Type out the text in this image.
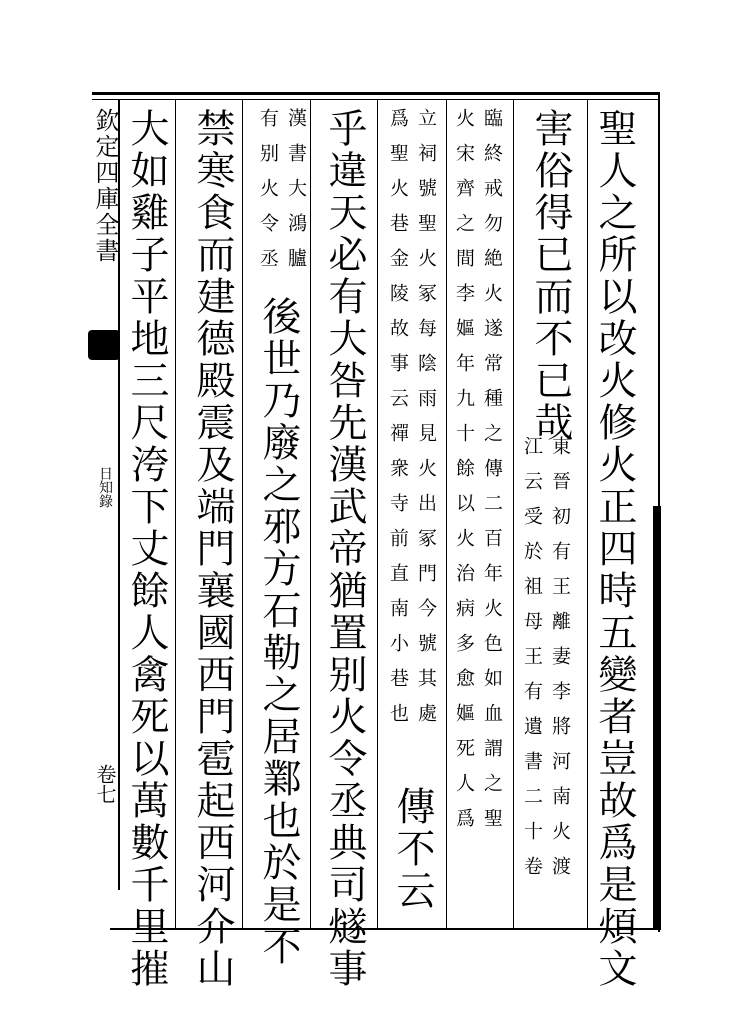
欽定四庫全書
日知錄
卷七	聖人之所以改火修火正四時五變者豈故爲是煩文
害俗得已而不已哉
東晉初有王離妻李將河南火渡
江云受於祖母王有遺書二十卷
臨終戒勿絶火遂常種之傳二百年火色如血謂之聖
火宋齊之間李嫗年九十餘以火治病多愈嫗死人爲
立祠號聖火冢每陰雨見火出冢門今號其處
爲聖火巷金陵故事云禪衆寺前直南小巷也
傳不云
乎違天必有大咎先漢武帝猶置别火令丞典司燧事
漢書大鴻臚
有别火令丞
後世乃廢之邪方石勒之居鄴也於是不
禁寒食而建德殿震及端門襄國西門雹起西河介山
大如雞子平地三尺洿下丈餘人禽死以萬數千里摧
